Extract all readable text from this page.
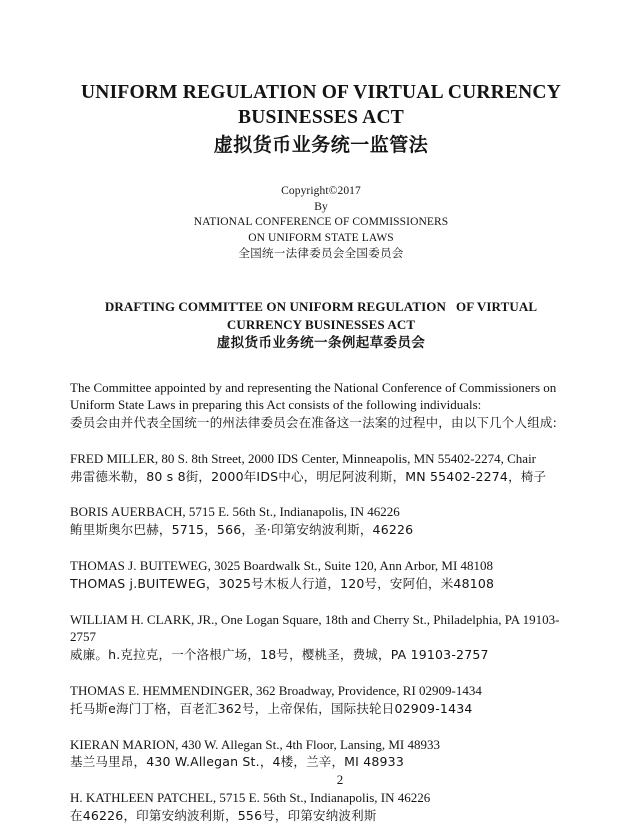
UNIFORM REGULATION OF VIRTUAL CURRENCY
BUSINESSES ACT
虚拟货币业务统一监管法
Copyright©2017
By
NATIONAL CONFERENCE OF COMMISSIONERS
ON UNIFORM STATE LAWS
全国统一法律委员会全国委员会
DRAFTING COMMITTEE ON UNIFORM REGULATION   OF VIRTUAL
CURRENCY BUSINESSES ACT
虚拟货币业务统一条例起草委员会

The Committee appointed by and representing the National Conference of Commissioners on
Uniform State Laws in preparing this Act consists of the following individuals:
委员会由并代表全国统一的州法律委员会在准备这一法案的过程中，由以下几个人组成:

FRED MILLER, 80 S. 8th Street, 2000 IDS Center, Minneapolis, MN 55402-2274, Chair
弗雷德米勒，80 s 8街，2000年IDS中心，明尼阿波利斯，MN 55402-2274，椅子

BORIS AUERBACH, 5715 E. 56th St., Indianapolis, IN 46226
鲔里斯奥尔巴赫，5715，566，圣·印第安纳波利斯，46226

THOMAS J. BUITEWEG, 3025 Boardwalk St., Suite 120, Ann Arbor, MI 48108
THOMAS j.BUITEWEG，3025号木板人行道，120号，安阿伯，米48108

WILLIAM H. CLARK, JR., One Logan Square, 18th and Cherry St., Philadelphia, PA 19103-2757
威廉。h.克拉克，一个洛根广场，18号，樱桃圣，费城，PA 19103-2757

THOMAS E. HEMMENDINGER, 362 Broadway, Providence, RI 02909-1434
托马斯e海门丁格，百老汇362号，上帝保佑，国际扶轮日02909-1434

KIERAN MARION, 430 W. Allegan St., 4th Floor, Lansing, MI 48933
基兰马里昂，430 W.Allegan St.，4楼，兰辛，MI 48933

H. KATHLEEN PATCHEL, 5715 E. 56th St., Indianapolis, IN 46226
在46226，印第安纳波利斯，556号，印第安纳波利斯

2
